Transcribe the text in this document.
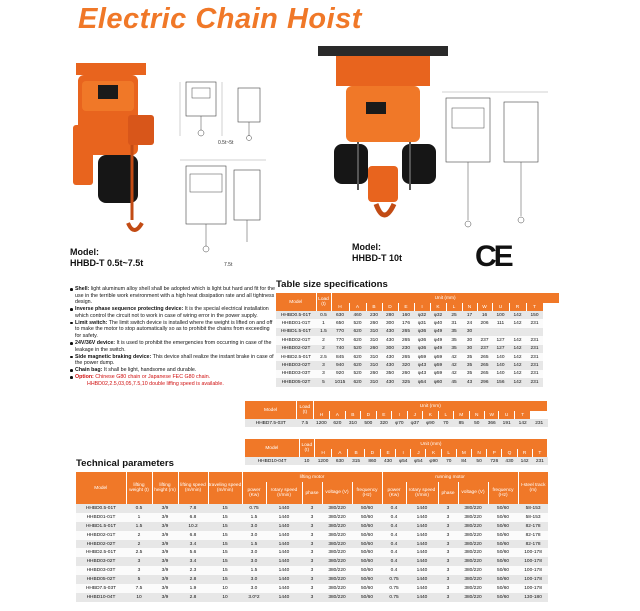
Electric Chain Hoist
0.5t~5t
7.5t
Model:
HHBD-T 0.5t~7.5t
Model:
HHBD-T 10t CE
Shell: light aluminum alloy shell shall be adopted which is light but hard and fit for the use in the terrible work environment with a high heat dissipation rate and all tightness design.
Inverse phase sequence protecting device: It is the special electrical installation which control the circuit not to work in case of wiring error in the power supply.
Limit switch: The limit switch device is installed where the weight is lifted on and off to make the motor to stop automatically so as to prohibit the chains from exceeding for safety.
24V/36V device: It is used to prohibit the emergencies from occurring in case of the leakage in the switch.
Side magnetic braking device: This device shall realize the instant brake in case of the power dump.
Chain bag: It shall be light, handsome and durable.
Option: Chinese G80 chain or Japanese FEC G80 chain.
HHBD02,2.5,03,05,7.5,10 double liffing speed is available.
Table size specifications
Model	Load (t)	Unit (mm)												
		H	A	B	D	E	I	K	L	N	W	U	R	T
HHBD0.5-01T	0.5	630	460	230	280	160	φ32	φ32	25	17	16	100	142	150
HHBD01-01T	1	650	520	260	300	176	φ31	φ40	31	24	206	111	142	231
HHBD1.5-01T	1.5	770	620	310	430	265	φ36	φ49	35	30				
HHBD02-01T	2	770	620	310	430	265	φ36	φ49	35	30	237	127	142	231
HHBD02-02T	2	740	520	260	300	230	φ36	φ49	35	30	237	127	142	231
HHBD2.5-01T	2.5	845	620	310	430	265	φ59	φ59	42	35	265	140	142	231
HHBD03-02T	3	940	620	310	430	320	φ43	φ59	42	35	265	140	142	231
HHBD03-03T	3	920	520	260	350	260	φ43	φ59	42	35	265	140	142	231
HHBD05-02T	5	1015	620	310	430	325	φ54	φ60	45	43	296	156	142	231
Model	Load (t)	Unit (mm)														
		H	A	B	D	E	I	J	K	L	M	N	W	U	T	
HHBD7.5-03T	7.5	1200	620	310	500	320	φ70	φ37	φ90	70	85	50	366	191	142	231
Model	Load (t)	Unit (mm)														
		H	A	B	D	E	I	J	K	L	M	N	P	Q	R	T
HHBD10-04T	10	1200	630	315	860	430	φ54	φ54	φ90	70	84	50	726	430	142	231
Technical parameters
Model	lifting weight (t)	lifting height (m)	lifting speed (m/min)	traveling speed (m/min)	lifting motor					running motor					I-steel track (m)
					power (Kw)	rotary speed (r/min)	phase	voltage (V)	frequency (Hz)	power (Kw)	rotary speed (r/min)	phase	voltage (V)	frequency (Hz)	
HHBD0.5-01T	0.5	3/9	7.8	15	0.75	1440	3	380/220	50/60	0.4	1440	3	380/220	50/60	58-153
HHBD01-01T	1	3/9	6.8	15	1.5	1440	3	380/220	50/60	0.4	1440	3	380/220	50/60	58-153
HHBD1.5-01T	1.5	3/9	10.2	15	3.0	1440	3	380/220	50/60	0.4	1440	3	380/220	50/60	82-178
HHBD02-01T	2	3/9	6.8	15	3.0	1440	3	380/220	50/60	0.4	1440	3	380/220	50/60	82-178
HHBD02-02T	2	3/9	3.4	15	1.5	1440	3	380/220	50/60	0.4	1440	3	380/220	50/60	82-178
HHBD2.5-01T	2.5	3/9	5.6	15	3.0	1440	3	380/220	50/60	0.4	1440	3	380/220	50/60	100-178
HHBD03-02T	3	3/9	3.4	15	3.0	1440	3	380/220	50/60	0.4	1440	3	380/220	50/60	100-178
HHBD03-03T	3	3/9	2.3	15	1.5	1440	3	380/220	50/60	0.4	1440	3	380/220	50/60	100-178
HHBD05-02T	5	3/9	2.8	15	3.0	1440	3	380/220	50/60	0.75	1440	3	380/220	50/60	100-178
HHBD7.5-03T	7.5	3/9	1.9	10	3.0	1440	3	380/220	50/60	0.75	1440	3	380/220	50/60	100-178
HHBD10-04T	10	3/9	2.8	10	3.0*2	1440	3	380/220	50/60	0.75	1440	3	380/220	50/60	130-180
